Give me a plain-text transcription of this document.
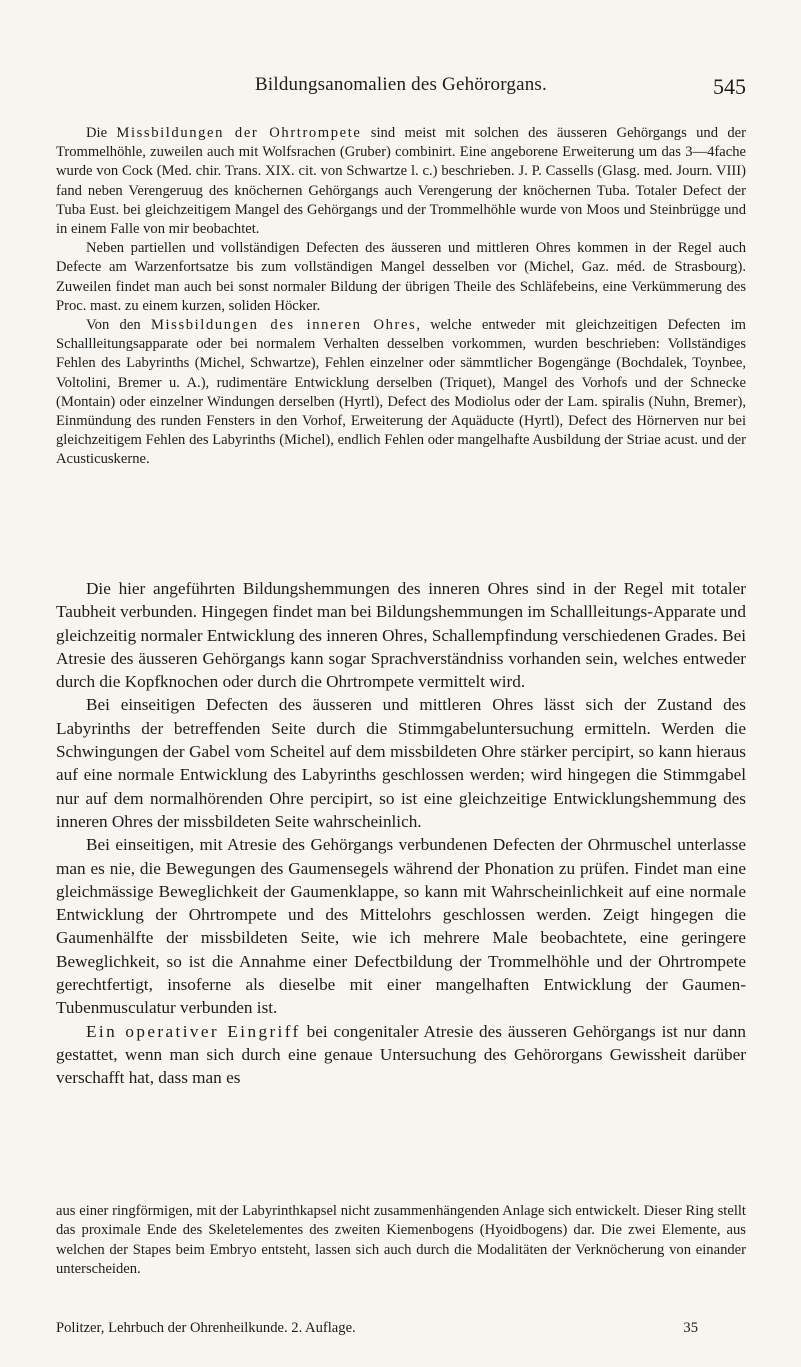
Bildungsanomalien des Gehörorgans.	545

Die Missbildungen der Ohrtrompete sind meist mit solchen des äusseren Gehörgangs und der Trommelhöhle, zuweilen auch mit Wolfsrachen (Gruber) combinirt. Eine angeborene Erweiterung um das 3—4fache wurde von Cock (Med. chir. Trans. XIX. cit. von Schwartze l. c.) beschrieben. J. P. Cassells (Glasg. med. Journ. VIII) fand neben Verengeruug des knöchernen Gehörgangs auch Verengerung der knöchernen Tuba. Totaler Defect der Tuba Eust. bei gleichzeitigem Mangel des Gehörgangs und der Trommelhöhle wurde von Moos und Steinbrügge und in einem Falle von mir beobachtet.

Neben partiellen und vollständigen Defecten des äusseren und mittleren Ohres kommen in der Regel auch Defecte am Warzenfortsatze bis zum vollständigen Mangel desselben vor (Michel, Gaz. méd. de Strasbourg). Zuweilen findet man auch bei sonst normaler Bildung der übrigen Theile des Schläfebeins, eine Verkümmerung des Proc. mast. zu einem kurzen, soliden Höcker.

Von den Missbildungen des inneren Ohres, welche entweder mit gleichzeitigen Defecten im Schallleitungsapparate oder bei normalem Verhalten desselben vorkommen, wurden beschrieben: Vollständiges Fehlen des Labyrinths (Michel, Schwartze), Fehlen einzelner oder sämmtlicher Bogengänge (Bochdalek, Toynbee, Voltolini, Bremer u. A.), rudimentäre Entwicklung derselben (Triquet), Mangel des Vorhofs und der Schnecke (Montain) oder einzelner Windungen derselben (Hyrtl), Defect des Modiolus oder der Lam. spiralis (Nuhn, Bremer), Einmündung des runden Fensters in den Vorhof, Erweiterung der Aquäducte (Hyrtl), Defect des Hörnerven nur bei gleichzeitigem Fehlen des Labyrinths (Michel), endlich Fehlen oder mangelhafte Ausbildung der Striae acust. und der Acusticuskerne.

Die hier angeführten Bildungshemmungen des inneren Ohres sind in der Regel mit totaler Taubheit verbunden. Hingegen findet man bei Bildungshemmungen im Schallleitungs-Apparate und gleichzeitig normaler Entwicklung des inneren Ohres, Schallempfindung verschiedenen Grades. Bei Atresie des äusseren Gehörgangs kann sogar Sprachverständniss vorhanden sein, welches entweder durch die Kopfknochen oder durch die Ohrtrompete vermittelt wird.

Bei einseitigen Defecten des äusseren und mittleren Ohres lässt sich der Zustand des Labyrinths der betreffenden Seite durch die Stimmgabeluntersuchung ermitteln. Werden die Schwingungen der Gabel vom Scheitel auf dem missbildeten Ohre stärker percipirt, so kann hieraus auf eine normale Entwicklung des Labyrinths geschlossen werden; wird hingegen die Stimmgabel nur auf dem normalhörenden Ohre percipirt, so ist eine gleichzeitige Entwicklungshemmung des inneren Ohres der missbildeten Seite wahrscheinlich.

Bei einseitigen, mit Atresie des Gehörgangs verbundenen Defecten der Ohrmuschel unterlasse man es nie, die Bewegungen des Gaumensegels während der Phonation zu prüfen. Findet man eine gleichmässige Beweglichkeit der Gaumenklappe, so kann mit Wahrscheinlichkeit auf eine normale Entwicklung der Ohrtrompete und des Mittelohrs geschlossen werden. Zeigt hingegen die Gaumenhälfte der missbildeten Seite, wie ich mehrere Male beobachtete, eine geringere Beweglichkeit, so ist die Annahme einer Defectbildung der Trommelhöhle und der Ohrtrompete gerechtfertigt, insoferne als dieselbe mit einer mangelhaften Entwicklung der Gaumen-Tubenmusculatur verbunden ist.

Ein operativer Eingriff bei congenitaler Atresie des äusseren Gehörgangs ist nur dann gestattet, wenn man sich durch eine genaue Untersuchung des Gehörorgans Gewissheit darüber verschafft hat, dass man es

aus einer ringförmigen, mit der Labyrinthkapsel nicht zusammenhängenden Anlage sich entwickelt. Dieser Ring stellt das proximale Ende des Skeletelementes des zweiten Kiemenbogens (Hyoidbogens) dar. Die zwei Elemente, aus welchen der Stapes beim Embryo entsteht, lassen sich auch durch die Modalitäten der Verknöcherung von einander unterscheiden.

Politzer, Lehrbuch der Ohrenheilkunde. 2. Auflage.	35
